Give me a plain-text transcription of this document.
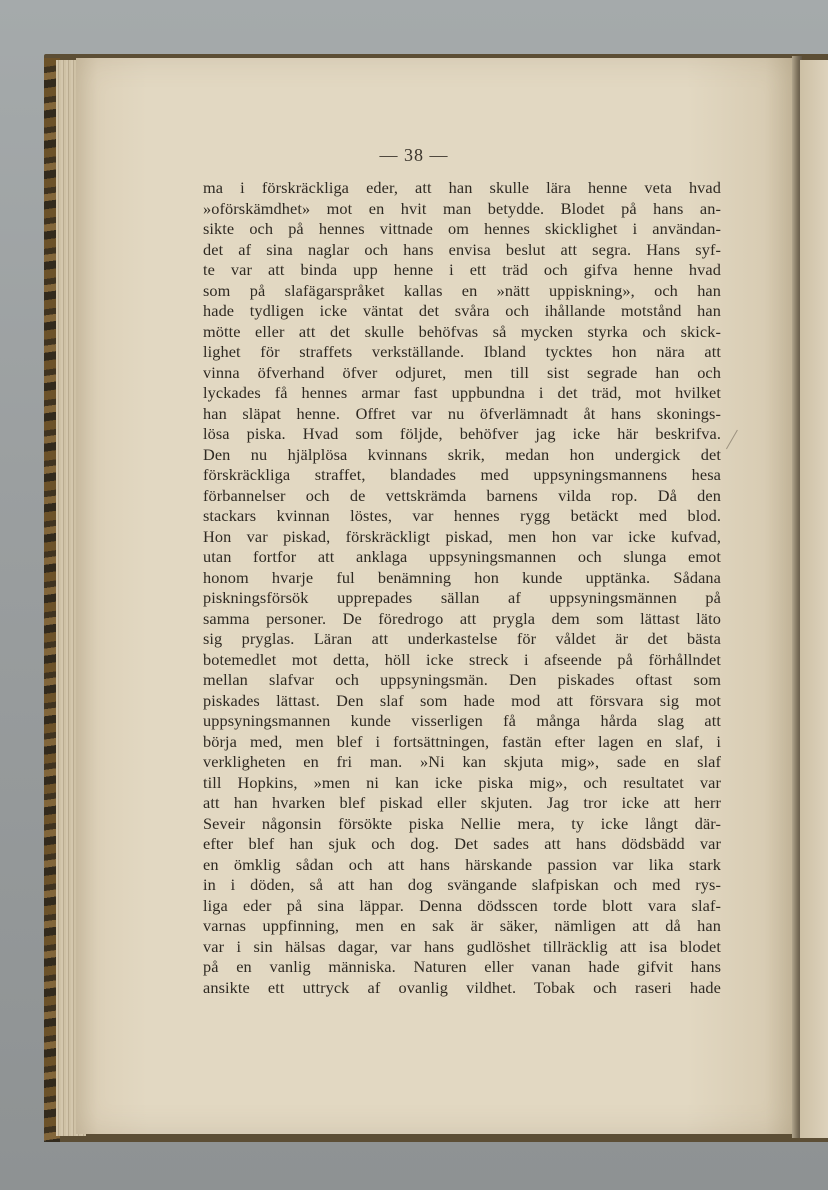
— 38 —
ma i förskräckliga eder, att han skulle lära henne veta hvad
»oförskämdhet» mot en hvit man betydde. Blodet på hans an-
sikte och på hennes vittnade om hennes skicklighet i användan-
det af sina naglar och hans envisa beslut att segra. Hans syf-
te var att binda upp henne i ett träd och gifva henne hvad
som på slafägarspråket kallas en »nätt uppiskning», och han
hade tydligen icke väntat det svåra och ihållande motstånd han
mötte eller att det skulle behöfvas så mycken styrka och skick-
lighet för straffets verkställande. Ibland tycktes hon nära att
vinna öfverhand öfver odjuret, men till sist segrade han och
lyckades få hennes armar fast uppbundna i det träd, mot hvilket
han släpat henne. Offret var nu öfverlämnadt åt hans skonings-
lösa piska. Hvad som följde, behöfver jag icke här beskrifva.
Den nu hjälplösa kvinnans skrik, medan hon undergick det
förskräckliga straffet, blandades med uppsyningsmannens hesa
förbannelser och de vettskrämda barnens vilda rop. Då den
stackars kvinnan löstes, var hennes rygg betäckt med blod.
Hon var piskad, förskräckligt piskad, men hon var icke kufvad,
utan fortfor att anklaga uppsyningsmannen och slunga emot
honom hvarje ful benämning hon kunde upptänka. Sådana
piskningsförsök upprepades sällan af uppsyningsmännen på
samma personer. De föredrogo att prygla dem som lättast läto
sig pryglas. Läran att underkastelse för våldet är det bästa
botemedlet mot detta, höll icke streck i afseende på förhållndet
mellan slafvar och uppsyningsmän. Den piskades oftast som
piskades lättast. Den slaf som hade mod att försvara sig mot
uppsyningsmannen kunde visserligen få många hårda slag att
börja med, men blef i fortsättningen, fastän efter lagen en slaf, i
verkligheten en fri man. »Ni kan skjuta mig», sade en slaf
till Hopkins, »men ni kan icke piska mig», och resultatet var
att han hvarken blef piskad eller skjuten. Jag tror icke att herr
Seveir någonsin försökte piska Nellie mera, ty icke långt där-
efter blef han sjuk och dog. Det sades att hans dödsbädd var
en ömklig sådan och att hans härskande passion var lika stark
in i döden, så att han dog svängande slafpiskan och med rys-
liga eder på sina läppar. Denna dödsscen torde blott vara slaf-
varnas uppfinning, men en sak är säker, nämligen att då han
var i sin hälsas dagar, var hans gudlöshet tillräcklig att isa blodet
på en vanlig människa. Naturen eller vanan hade gifvit hans
ansikte ett uttryck af ovanlig vildhet. Tobak och raseri hade
